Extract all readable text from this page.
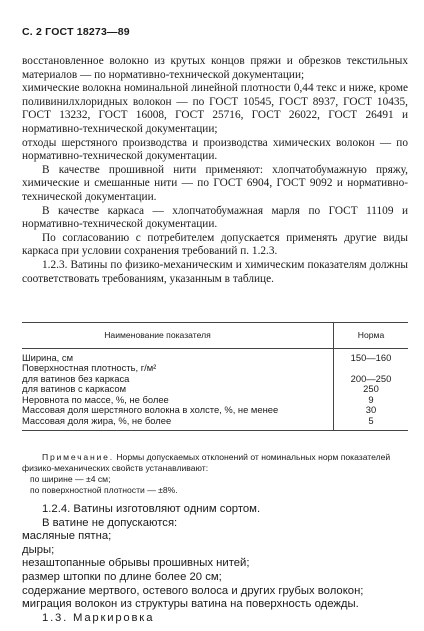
С. 2 ГОСТ 18273—89

восстановленное волокно из крутых концов пряжи и обрезков текстильных материалов — по нормативно-технической документации;

химические волокна номинальной линейной плотности 0,44 текс и ниже, кроме поливинилхлоридных волокон — по ГОСТ 10545, ГОСТ 8937, ГОСТ 10435, ГОСТ 13232, ГОСТ 16008, ГОСТ 25716, ГОСТ 26022, ГОСТ 26491 и нормативно-технической документации;

отходы шерстяного производства и производства химических волокон — по нормативно-технической документации.

В качестве прошивной нити применяют: хлопчатобумажную пряжу, химические и смешанные нити — по ГОСТ 6904, ГОСТ 9092 и нормативно-технической документации.

В качестве каркаса — хлопчатобумажная марля по ГОСТ 11109 и нормативно-технической документации.

По согласованию с потребителем допускается применять другие виды каркаса при условии сохранения требований п. 1.2.3.

1.2.3. Ватины по физико-механическим и химическим показателям должны соответствовать требованиям, указанным в таблице.

Наименование показателя	Норма
Ширина, см	150—160
Поверхностная плотность, г/м²	
для ватинов без каркаса	200—250
для ватинов с каркасом	250
Неровнота по массе, %, не более	9
Массовая доля шерстяного волокна в холсте, %, не менее	30
Массовая доля жира, %, не более	5

Примечание. Нормы допускаемых отклонений от номинальных норм показателей физико-механических свойств устанавливают:

по ширине — ±4 см;

по поверхностной плотности — ±8%.

1.2.4. Ватины изготовляют одним сортом.

В ватине не допускаются:

масляные пятна;

дыры;

незаштопанные обрывы прошивных нитей;

размер штопки по длине более 20 см;

содержание мертвого, остевого волоса и других грубых волокон;

миграция волокон из структуры ватина на поверхность одежды.

1.3. Маркировка
